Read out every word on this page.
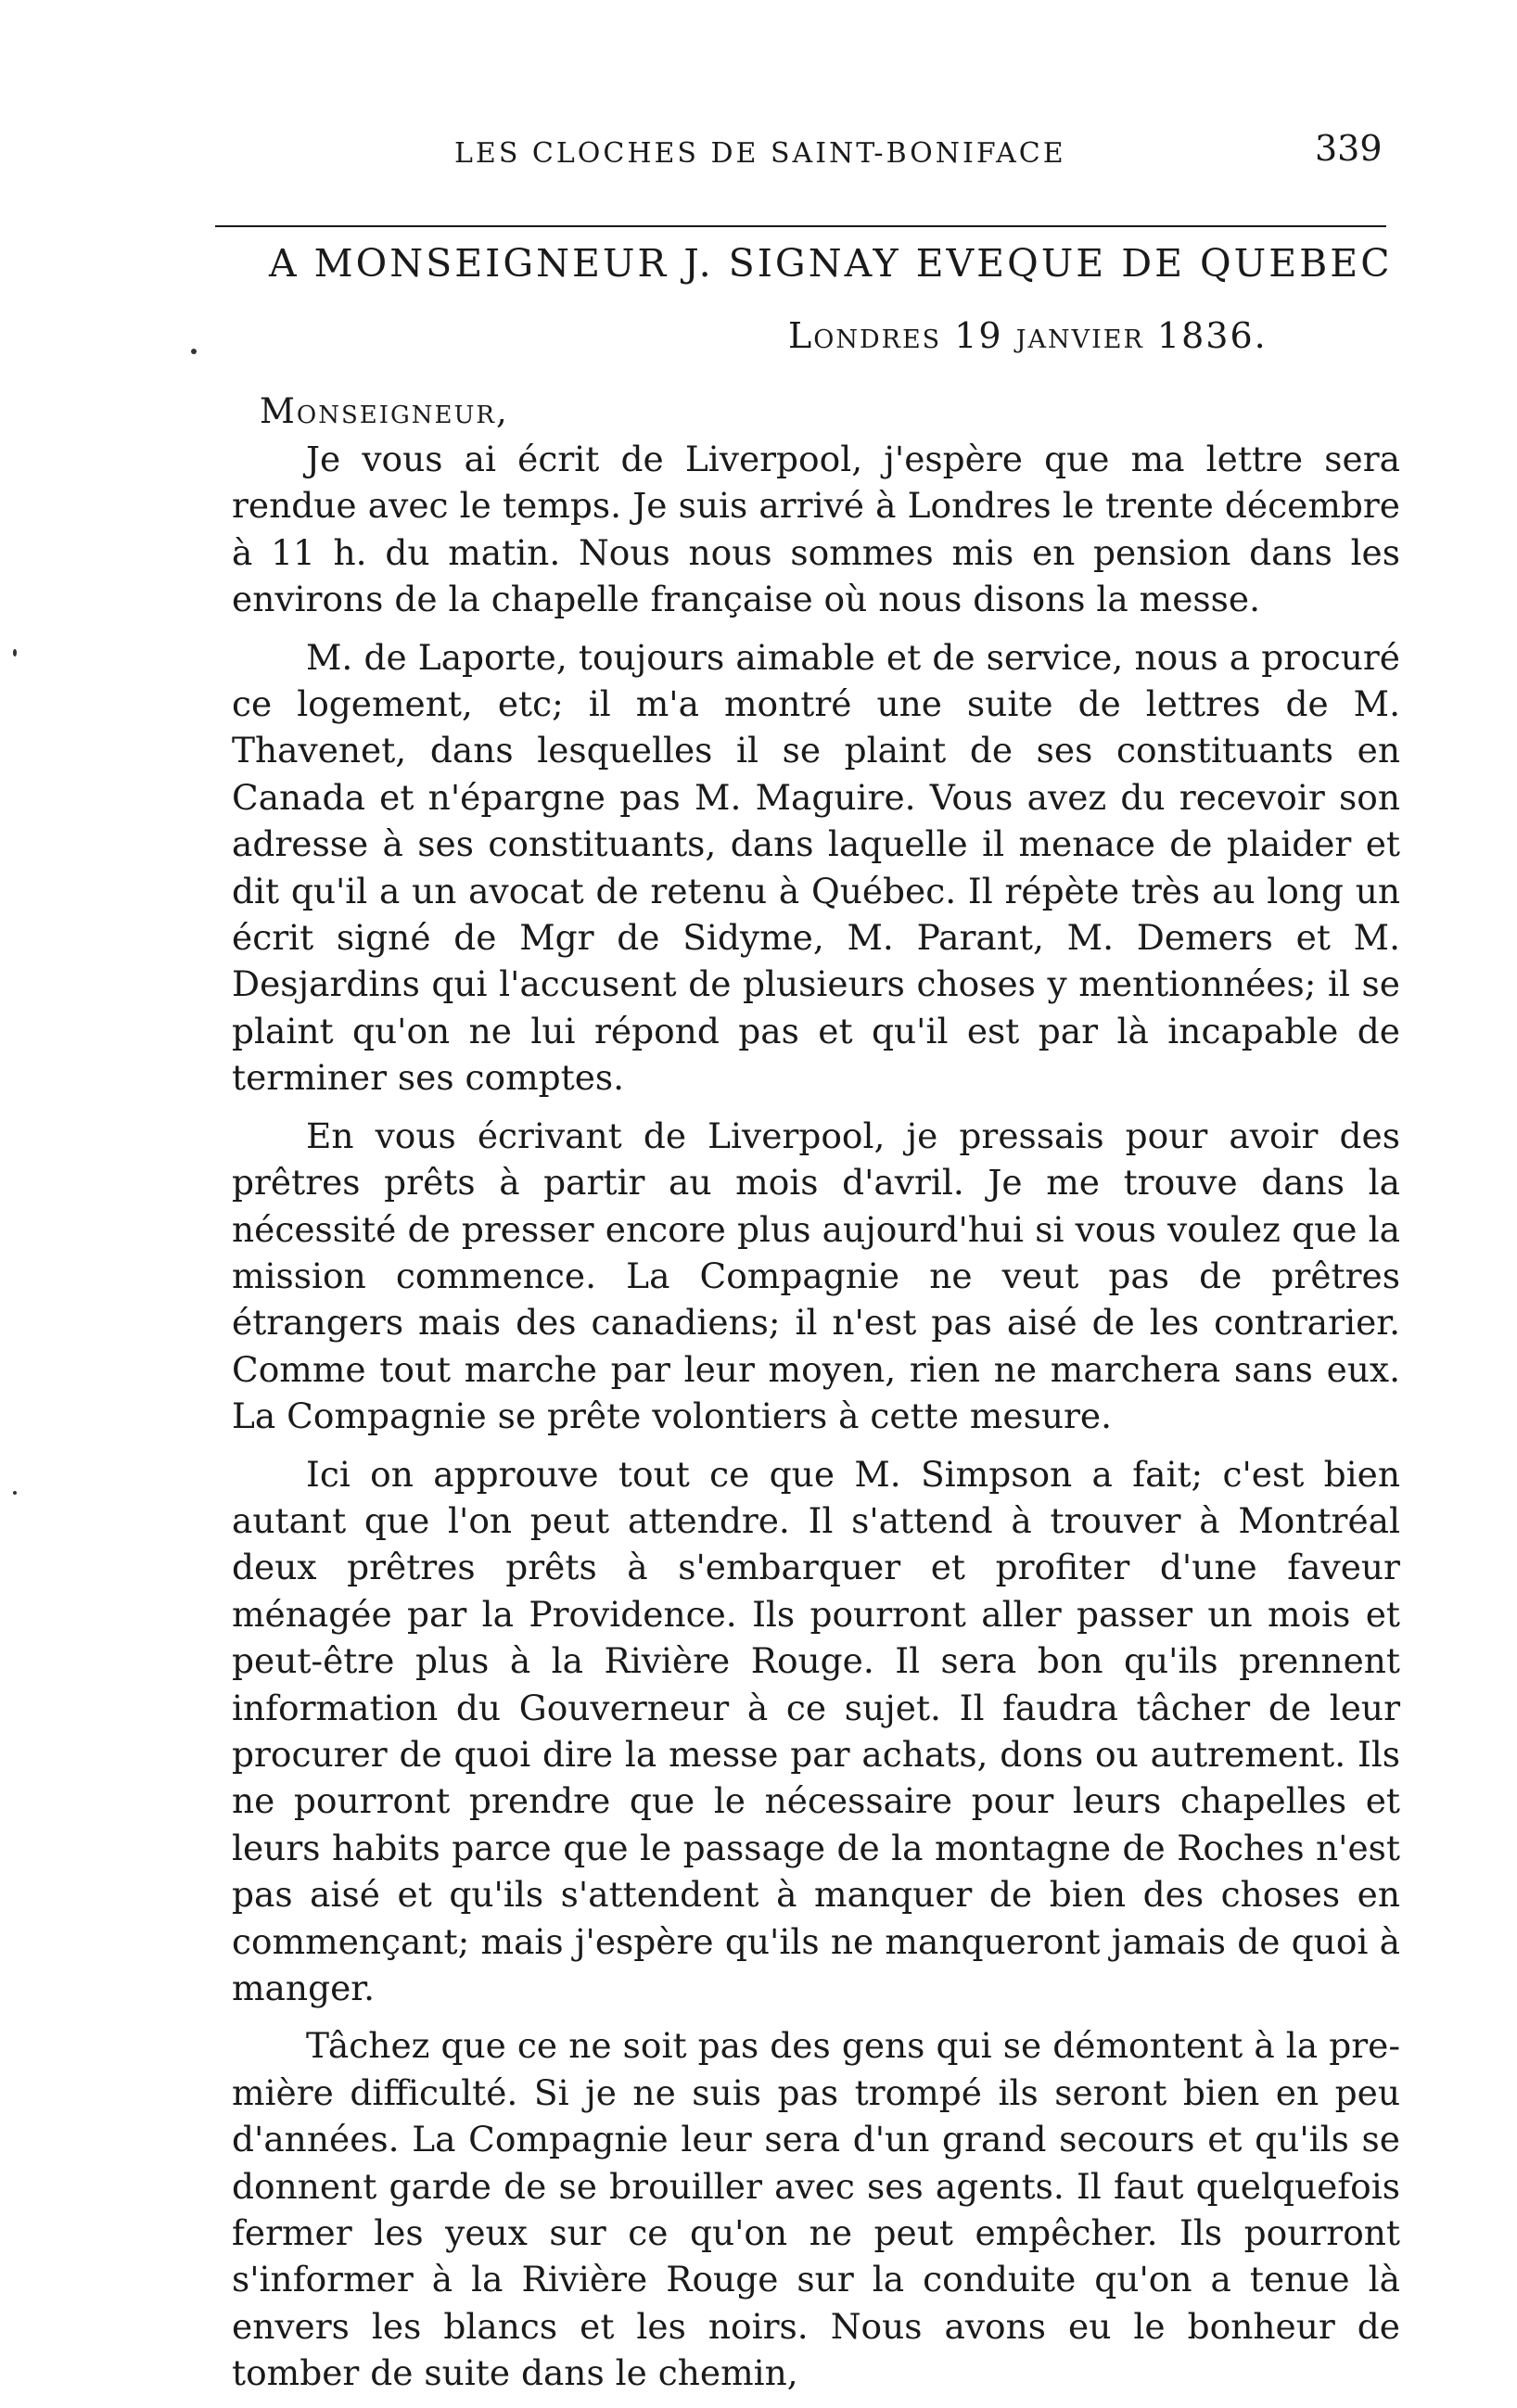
LES CLOCHES DE SAINT-BONIFACE	339
A MONSEIGNEUR J. SIGNAY EVEQUE DE QUEBEC
Londres 19 janvier 1836.
Monseigneur,

Je vous ai écrit de Liverpool, j'espère que ma lettre sera rendue avec le temps. Je suis arrivé à Londres le trente décembre à 11 h. du matin. Nous nous sommes mis en pension dans les environs de la chapelle française où nous disons la messe.

M. de Laporte, toujours aimable et de service, nous a procuré ce logement, etc; il m'a montré une suite de lettres de M. Thavenet, dans lesquelles il se plaint de ses constituants en Canada et n'épargne pas M. Maguire. Vous avez du recevoir son adresse à ses constituants, dans laquelle il menace de plaider et dit qu'il a un avocat de retenu à Québec. Il répète très au long un écrit signé de Mgr de Sidyme, M. Parant, M. Demers et M. Desjardins qui l'accusent de plusieurs choses y mentionnées; il se plaint qu'on ne lui répond pas et qu'il est par là incapable de terminer ses comptes.

En vous écrivant de Liverpool, je pressais pour avoir des prêtres prêts à partir au mois d'avril. Je me trouve dans la nécessité de presser encore plus aujourd'hui si vous voulez que la mission commence. La Compagnie ne veut pas de prêtres étrangers mais des canadiens; il n'est pas aisé de les contrarier. Comme tout marche par leur moyen, rien ne marchera sans eux. La Compagnie se prête volontiers à cette mesure.

Ici on approuve tout ce que M. Simpson a fait; c'est bien autant que l'on peut attendre. Il s'attend à trouver à Montréal deux prêtres prêts à s'embarquer et profiter d'une faveur ménagée par la Providence. Ils pourront aller passer un mois et peut-être plus à la Rivière Rouge. Il sera bon qu'ils prennent information du Gouverneur à ce sujet. Il faudra tâcher de leur procurer de quoi dire la messe par achats, dons ou autrement. Ils ne pourront prendre que le nécessaire pour leurs chapelles et leurs habits parce que le passage de la montagne de Roches n'est pas aisé et qu'ils s'attendent à manquer de bien des choses en commençant; mais j'espère qu'ils ne manqueront jamais de quoi à manger.

Tâchez que ce ne soit pas des gens qui se démontent à la première difficulté. Si je ne suis pas trompé ils seront bien en peu d'années. La Compagnie leur sera d'un grand secours et qu'ils se donnent garde de se brouiller avec ses agents. Il faut quelquefois fermer les yeux sur ce qu'on ne peut empêcher. Ils pourront s'informer à la Rivière Rouge sur la conduite qu'on a tenue là envers les blancs et les noirs. Nous avons eu le bonheur de tomber de suite dans le chemin,
